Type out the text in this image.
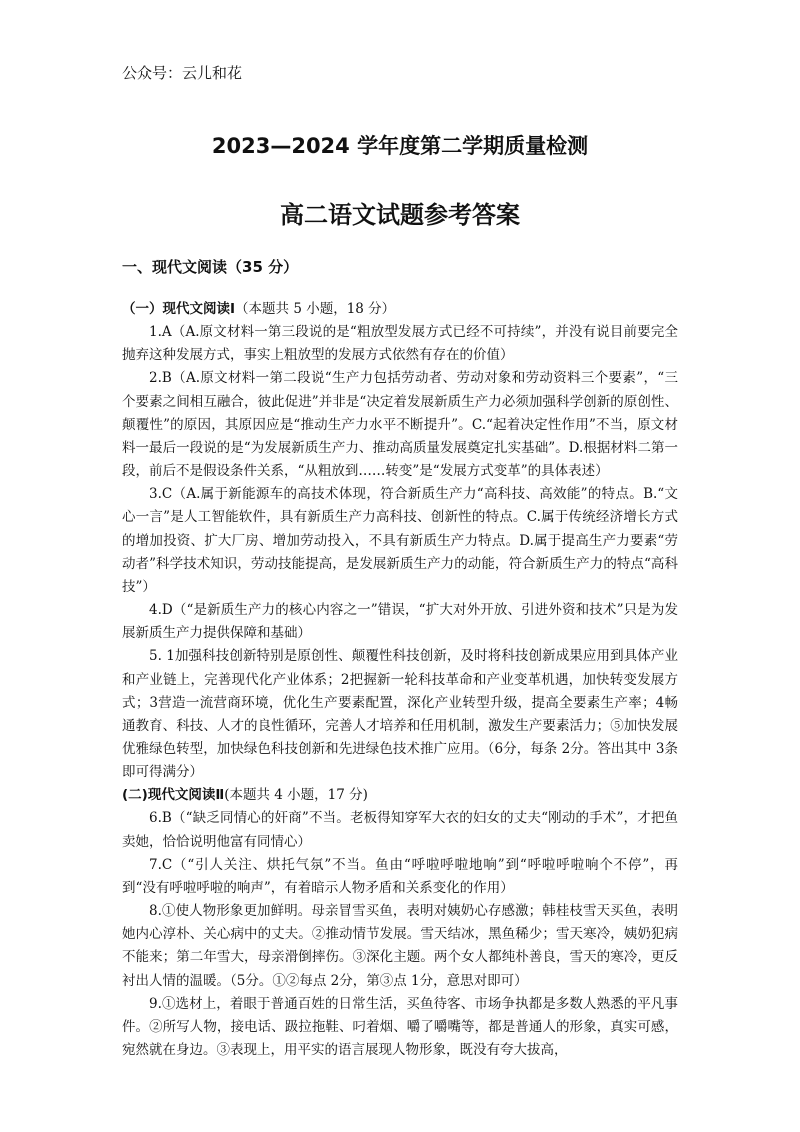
公众号：云儿和花
2023—2024 学年度第二学期质量检测
高二语文试题参考答案
一、现代文阅读（35 分）

（一）现代文阅读Ⅰ（本题共 5 小题，18 分）

1.A（A.原文材料一第三段说的是“粗放型发展方式已经不可持续”，并没有说目前要完全抛弃这种发展方式，事实上粗放型的发展方式依然有存在的价值）

2.B（A.原文材料一第二段说“生产力包括劳动者、劳动对象和劳动资料三个要素”，“三个要素之间相互融合，彼此促进”并非是“决定着发展新质生产力必须加强科学创新的原创性、颠覆性”的原因，其原因应是“推动生产力水平不断提升”。C.“起着决定性作用”不当，原文材料一最后一段说的是“为发展新质生产力、推动高质量发展奠定扎实基础”。D.根据材料二第一段，前后不是假设条件关系，“从粗放到……转变”是“发展方式变革”的具体表述）

3.C（A.属于新能源车的高技术体现，符合新质生产力“高科技、高效能”的特点。B.“文心一言”是人工智能软件，具有新质生产力高科技、创新性的特点。C.属于传统经济增长方式的增加投资、扩大厂房、增加劳动投入，不具有新质生产力特点。D.属于提高生产力要素“劳动者”科学技术知识，劳动技能提高，是发展新质生产力的动能，符合新质生产力的特点“高科技”）

4.D（“是新质生产力的核心内容之一”错误，“扩大对外开放、引进外资和技术”只是为发展新质生产力提供保障和基础）

5. 1加强科技创新特别是原创性、颠覆性科技创新，及时将科技创新成果应用到具体产业和产业链上，完善现代化产业体系；2把握新一轮科技革命和产业变革机遇，加快转变发展方式；3营造一流营商环境，优化生产要素配置，深化产业转型升级，提高全要素生产率；4畅通教育、科技、人才的良性循环，完善人才培养和任用机制，激发生产要素活力；⑤加快发展优雅绿色转型，加快绿色科技创新和先进绿色技术推广应用。（6分，每条 2分。答出其中 3条即可得满分）

(二)现代文阅读Ⅱ(本题共 4 小题，17 分)

6.B（“缺乏同情心的奸商”不当。老板得知穿军大衣的妇女的丈夫“刚动的手术”，才把鱼卖她，恰恰说明他富有同情心）

7.C（“引人关注、烘托气氛”不当。鱼由“呼啦呼啦地响”到“呼啦呼啦响个不停”，再到“没有呼啦呼啦的响声”，有着暗示人物矛盾和关系变化的作用）

8.①使人物形象更加鲜明。母亲冒雪买鱼，表明对姨奶心存感激；韩桂枝雪天买鱼，表明她内心淳朴、关心病中的丈夫。②推动情节发展。雪天结冰，黑鱼稀少；雪天寒冷，姨奶犯病不能来；第二年雪大，母亲滑倒摔伤。③深化主题。两个女人都纯朴善良，雪天的寒冷，更反衬出人情的温暖。（5分。①②每点 2分，第③点 1分，意思对即可）

9.①选材上，着眼于普通百姓的日常生活，买鱼待客、市场争执都是多数人熟悉的平凡事件。②所写人物，接电话、趿拉拖鞋、叼着烟、嚼了嚼嘴等，都是普通人的形象，真实可感，宛然就在身边。③表现上，用平实的语言展现人物形象，既没有夸大拔高，
